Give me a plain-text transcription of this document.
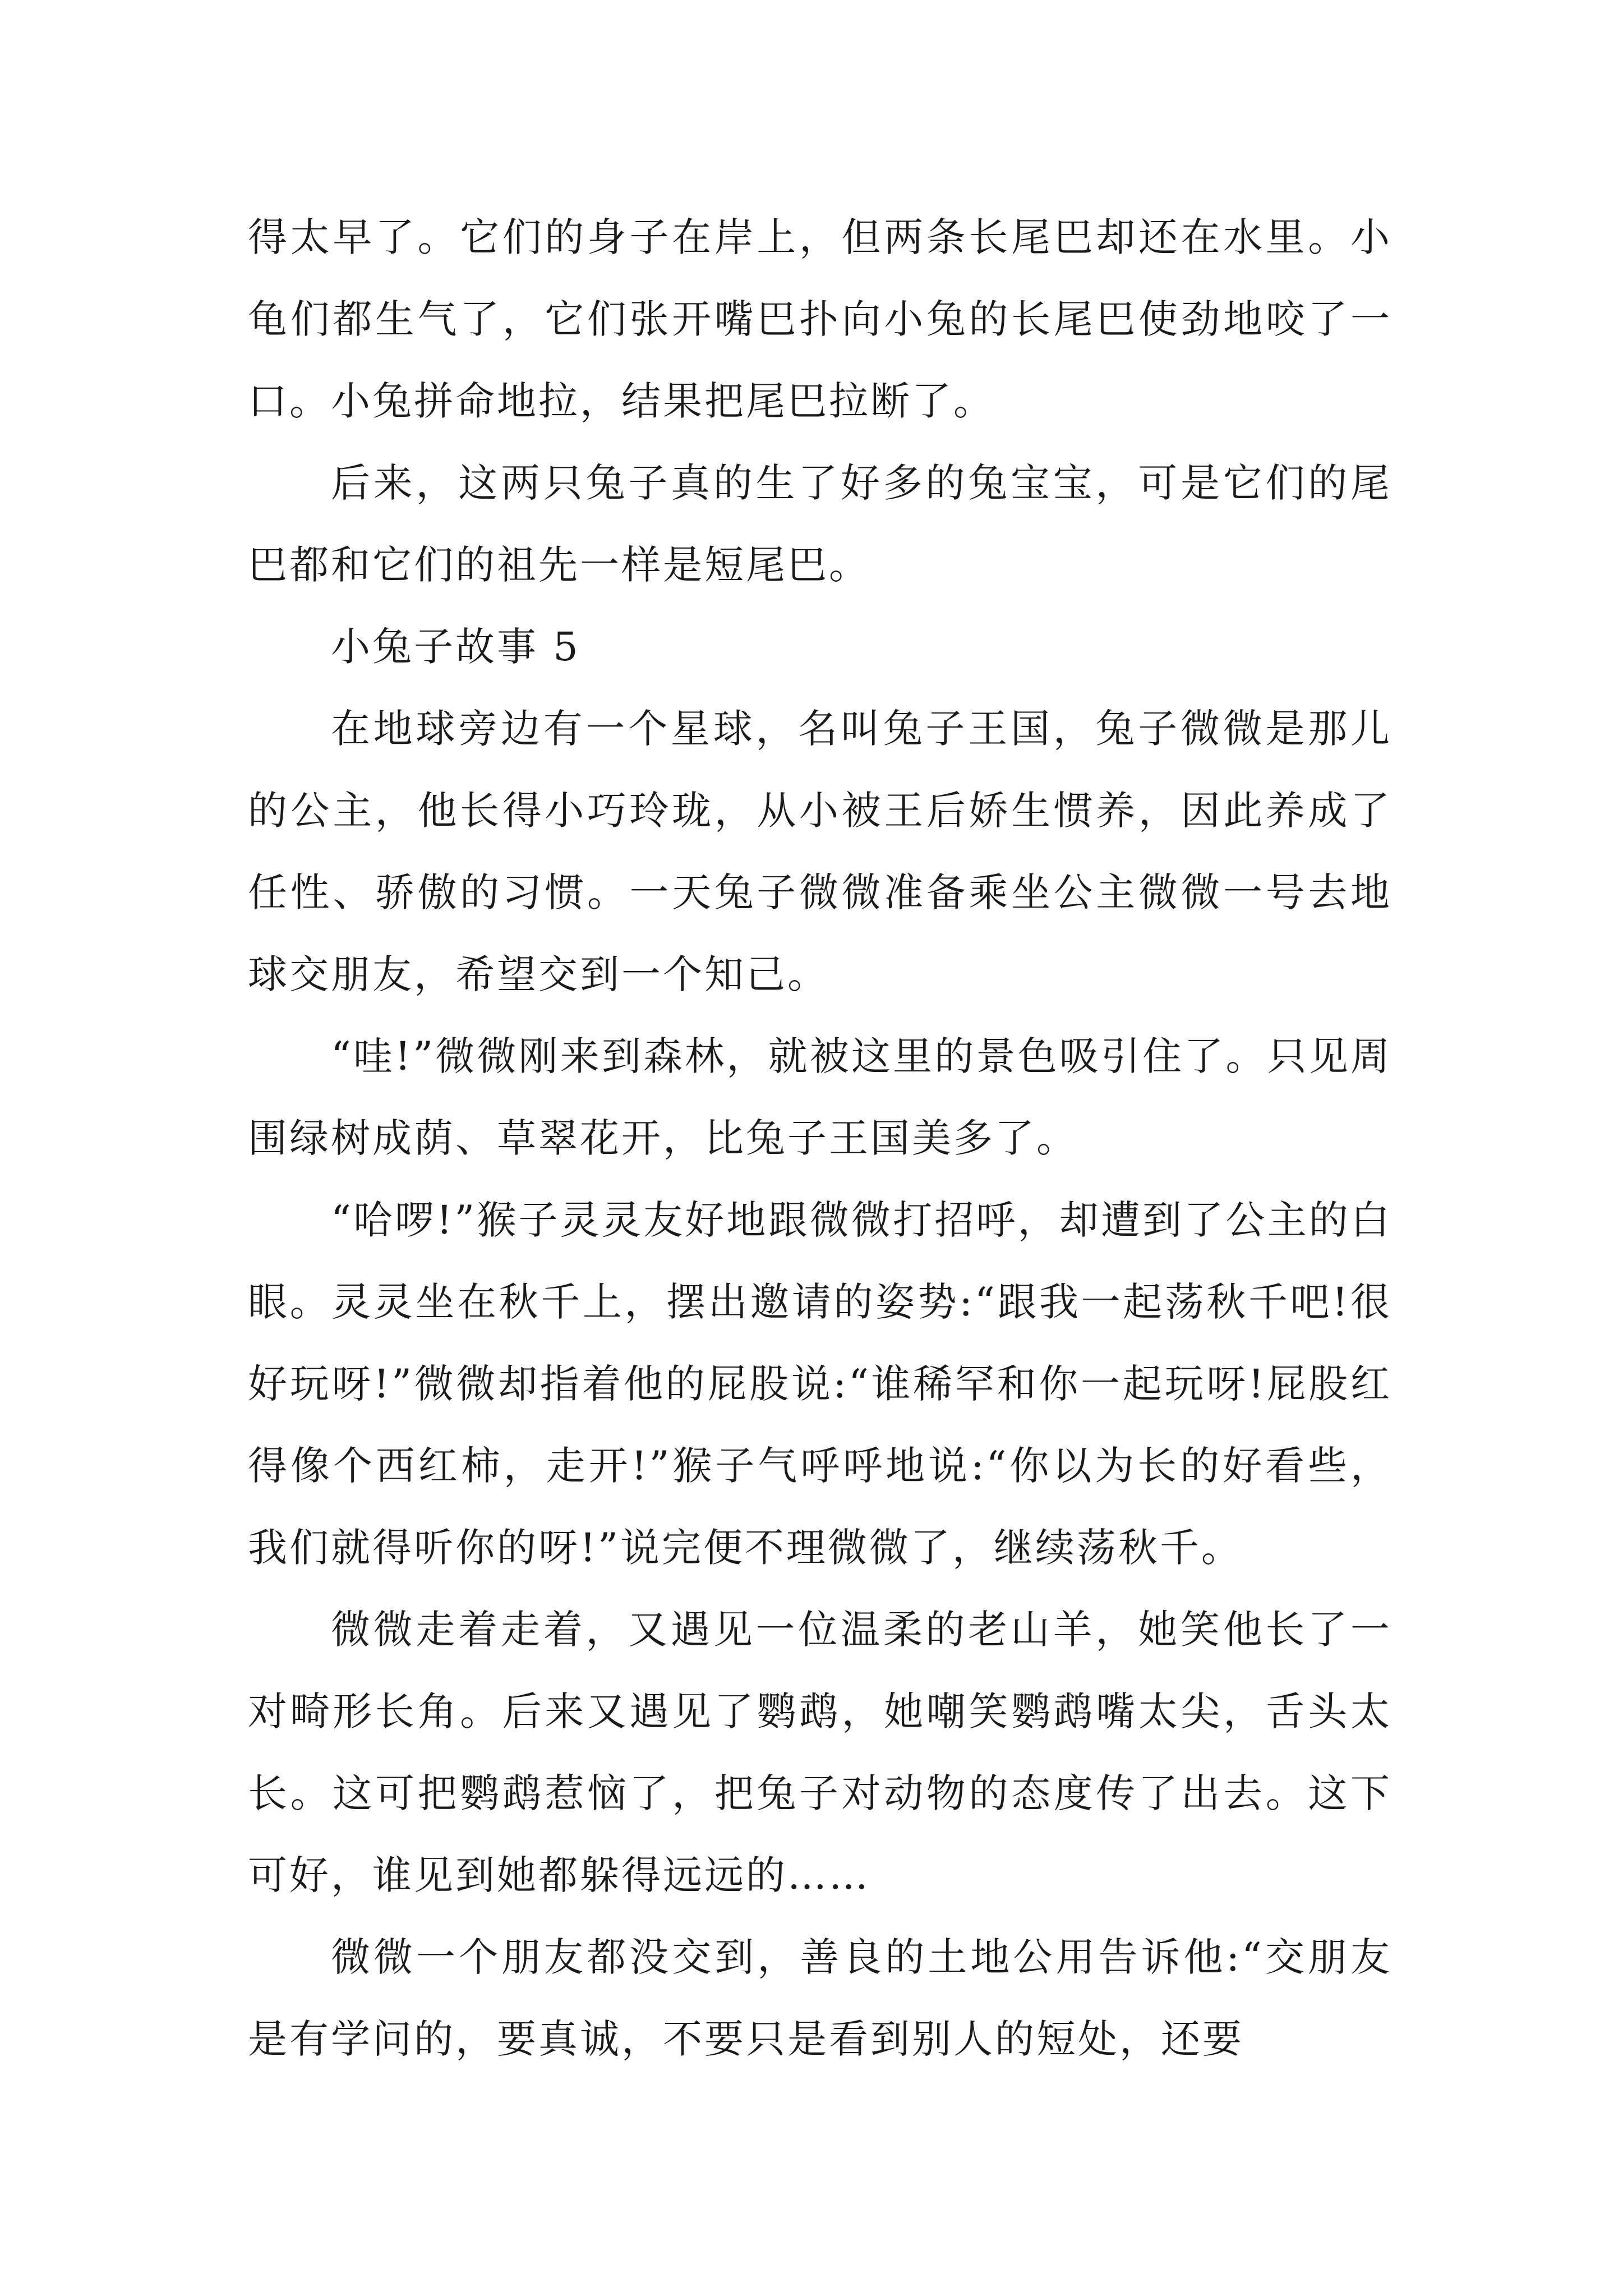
得太早了。它们的身子在岸上，但两条长尾巴却还在水里。小龟们都生气了，它们张开嘴巴扑向小兔的长尾巴使劲地咬了一口。小兔拼命地拉，结果把尾巴拉断了。

后来，这两只兔子真的生了好多的兔宝宝，可是它们的尾巴都和它们的祖先一样是短尾巴。

小兔子故事 5

在地球旁边有一个星球，名叫兔子王国，兔子微微是那儿的公主，他长得小巧玲珑，从小被王后娇生惯养，因此养成了任性、骄傲的习惯。一天兔子微微准备乘坐公主微微一号去地球交朋友，希望交到一个知己。

“哇!”微微刚来到森林，就被这里的景色吸引住了。只见周围绿树成荫、草翠花开，比兔子王国美多了。

“哈啰!”猴子灵灵友好地跟微微打招呼，却遭到了公主的白眼。灵灵坐在秋千上，摆出邀请的姿势:“跟我一起荡秋千吧!很好玩呀!”微微却指着他的屁股说:“谁稀罕和你一起玩呀!屁股红得像个西红柿，走开!”猴子气呼呼地说:“你以为长的好看些，我们就得听你的呀!”说完便不理微微了，继续荡秋千。

微微走着走着，又遇见一位温柔的老山羊，她笑他长了一对畸形长角。后来又遇见了鹦鹉，她嘲笑鹦鹉嘴太尖，舌头太长。这可把鹦鹉惹恼了，把兔子对动物的态度传了出去。这下可好，谁见到她都躲得远远的……

微微一个朋友都没交到，善良的土地公用告诉他:“交朋友是有学问的，要真诚，不要只是看到别人的短处，还要
